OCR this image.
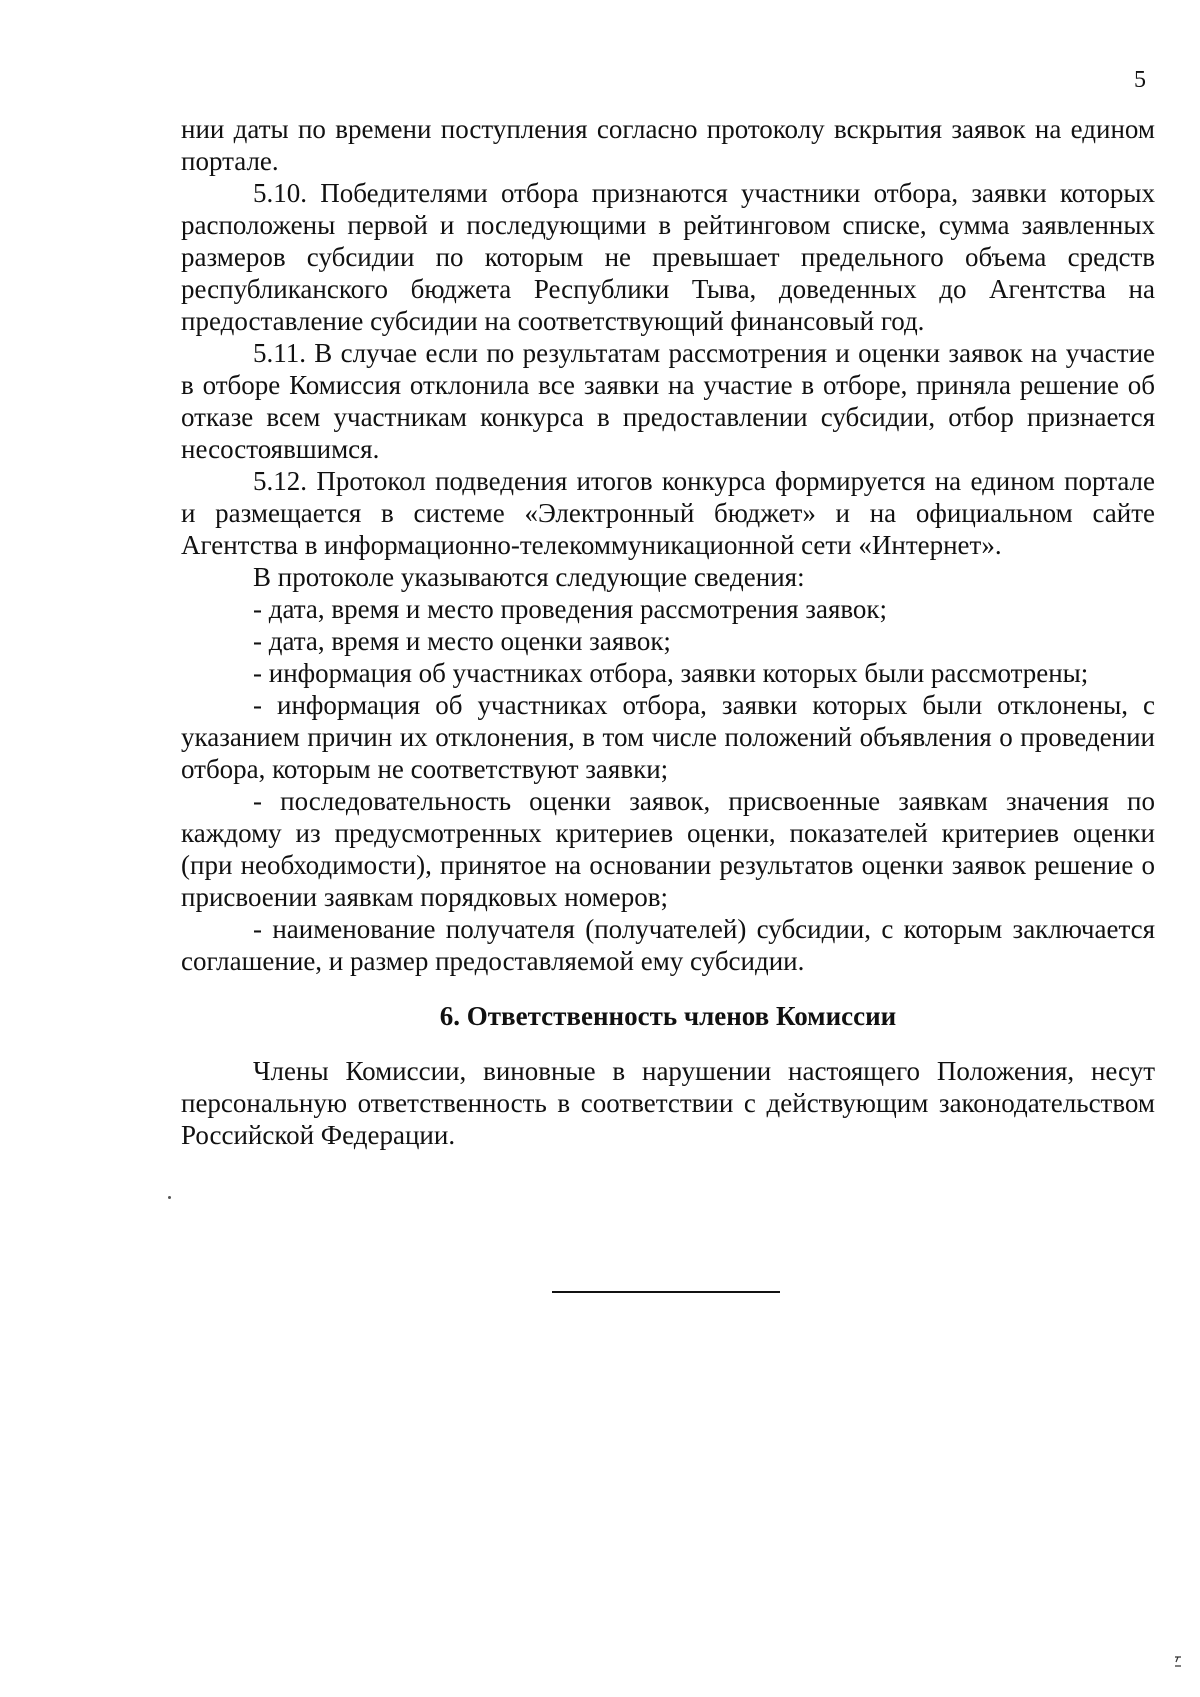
5

нии даты по времени поступления согласно протоколу вскрытия заявок на едином портале.

5.10. Победителями отбора признаются участники отбора, заявки которых расположены первой и последующими в рейтинговом списке, сумма заявленных размеров субсидии по которым не превышает предельного объема средств республиканского бюджета Республики Тыва, доведенных до Агентства на предоставление субсидии на соответствующий финансовый год.

5.11. В случае если по результатам рассмотрения и оценки заявок на участие в отборе Комиссия отклонила все заявки на участие в отборе, приняла решение об отказе всем участникам конкурса в предоставлении субсидии, отбор признается несостоявшимся.

5.12. Протокол подведения итогов конкурса формируется на едином портале и размещается в системе «Электронный бюджет» и на официальном сайте Агентства в информационно-телекоммуникационной сети «Интернет».

В протоколе указываются следующие сведения:

- дата, время и место проведения рассмотрения заявок;

- дата, время и место оценки заявок;

- информация об участниках отбора, заявки которых были рассмотрены;

- информация об участниках отбора, заявки которых были отклонены, с указанием причин их отклонения, в том числе положений объявления о проведении отбора, которым не соответствуют заявки;

- последовательность оценки заявок, присвоенные заявкам значения по каждому из предусмотренных критериев оценки, показателей критериев оценки (при необходимости), принятое на основании результатов оценки заявок решение о присвоении заявкам порядковых номеров;

- наименование получателя (получателей) субсидии, с которым заключается соглашение, и размер предоставляемой ему субсидии.

6. Ответственность членов Комиссии

Члены Комиссии, виновные в нарушении настоящего Положения, несут персональную ответственность в соответствии с действующим законодательством Российской Федерации.
